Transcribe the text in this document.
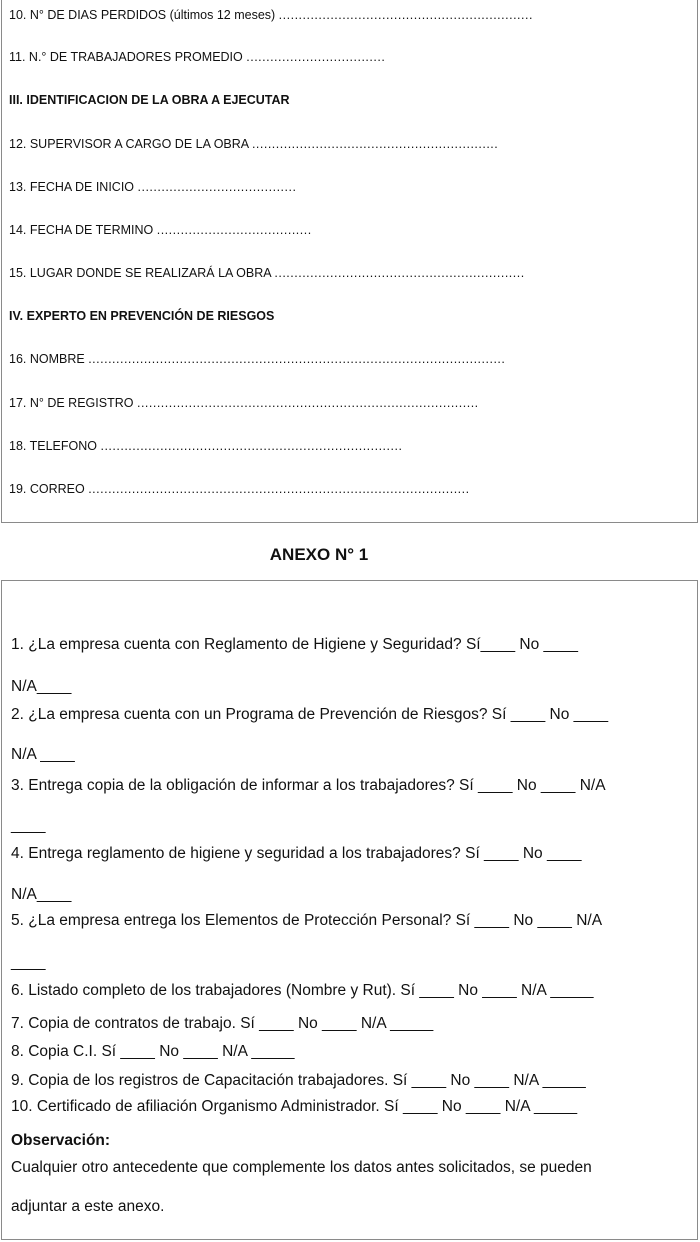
10. N° DE DIAS PERDIDOS (últimos 12 meses) ................................................................
11. N.° DE TRABAJADORES PROMEDIO ...................................
III. IDENTIFICACION DE LA OBRA A EJECUTAR
12. SUPERVISOR A CARGO DE LA OBRA ..............................................................
13. FECHA DE INICIO ........................................
14. FECHA DE TERMINO .......................................
15. LUGAR DONDE SE REALIZARÁ LA OBRA ...............................................................
IV. EXPERTO EN PREVENCIÓN DE RIESGOS
16. NOMBRE .........................................................................................................
17. N° DE REGISTRO ......................................................................................
18. TELEFONO ............................................................................
19. CORREO ................................................................................................
ANEXO N° 1
1. ¿La empresa cuenta con Reglamento de Higiene y Seguridad? Sí____ No ____
N/A____
2. ¿La empresa cuenta con un Programa de Prevención de Riesgos? Sí ____ No ____
N/A ____
3. Entrega copia de la obligación de informar a los trabajadores? Sí ____ No ____ N/A
____
4. Entrega reglamento de higiene y seguridad a los trabajadores? Sí ____ No ____
N/A____
5. ¿La empresa entrega los Elementos de Protección Personal? Sí ____ No ____ N/A
____
6. Listado completo de los trabajadores (Nombre y Rut). Sí ____ No ____ N/A _____
7. Copia de contratos de trabajo. Sí ____ No ____ N/A _____
8. Copia C.I. Sí ____ No ____ N/A _____
9. Copia de los registros de Capacitación trabajadores. Sí ____ No ____ N/A _____
10. Certificado de afiliación Organismo Administrador. Sí ____ No ____ N/A _____
Observación:
Cualquier otro antecedente que complemente los datos antes solicitados, se pueden
adjuntar a este anexo.
